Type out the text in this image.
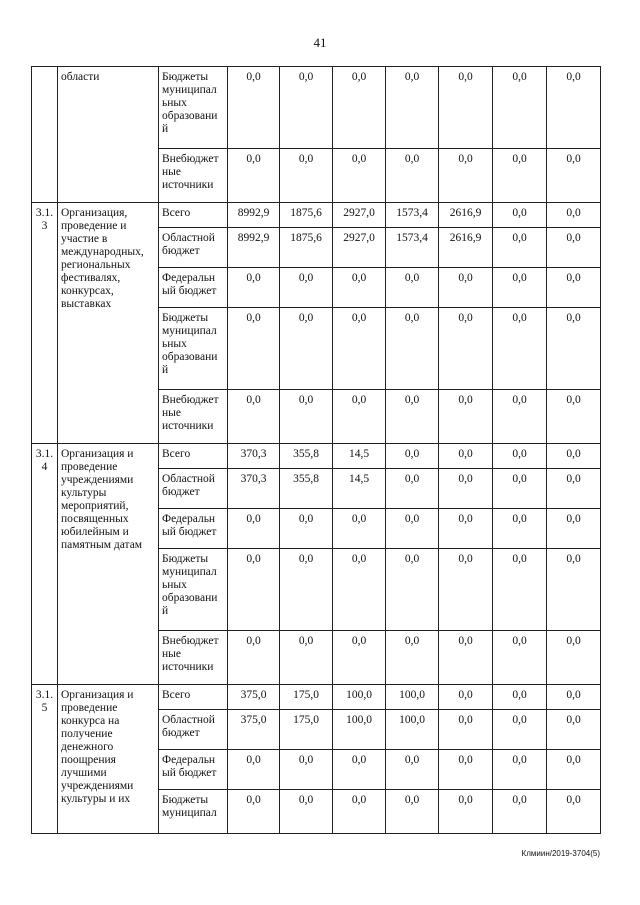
41
	области	Бюджеты муниципал ьных образовани й	0,0	0,0	0,0	0,0	0,0	0,0	0,0
		Внебюджет ные источники	0,0	0,0	0,0	0,0	0,0	0,0	0,0
3.1. 3	Организация, проведение и участие в международных, региональных фестивалях, конкурсах, выставках	Всего	8992,9	1875,6	2927,0	1573,4	2616,9	0,0	0,0
		Областной бюджет	8992,9	1875,6	2927,0	1573,4	2616,9	0,0	0,0
		Федеральн ый бюджет	0,0	0,0	0,0	0,0	0,0	0,0	0,0
		Бюджеты муниципал ьных образовани й	0,0	0,0	0,0	0,0	0,0	0,0	0,0
		Внебюджет ные источники	0,0	0,0	0,0	0,0	0,0	0,0	0,0
3.1. 4	Организация и проведение учреждениями культуры мероприятий, посвященных юбилейным и памятным датам	Всего	370,3	355,8	14,5	0,0	0,0	0,0	0,0
		Областной бюджет	370,3	355,8	14,5	0,0	0,0	0,0	0,0
		Федеральн ый бюджет	0,0	0,0	0,0	0,0	0,0	0,0	0,0
		Бюджеты муниципал ьных образовани й	0,0	0,0	0,0	0,0	0,0	0,0	0,0
		Внебюджет ные источники	0,0	0,0	0,0	0,0	0,0	0,0	0,0
3.1. 5	Организация и проведение конкурса на получение денежного поощрения лучшими учреждениями культуры и их	Всего	375,0	175,0	100,0	100,0	0,0	0,0	0,0
		Областной бюджет	375,0	175,0	100,0	100,0	0,0	0,0	0,0
		Федеральн ый бюджет	0,0	0,0	0,0	0,0	0,0	0,0	0,0
		Бюджеты муниципал	0,0	0,0	0,0	0,0	0,0	0,0	0,0
Клмиин/2019-3704(5)
